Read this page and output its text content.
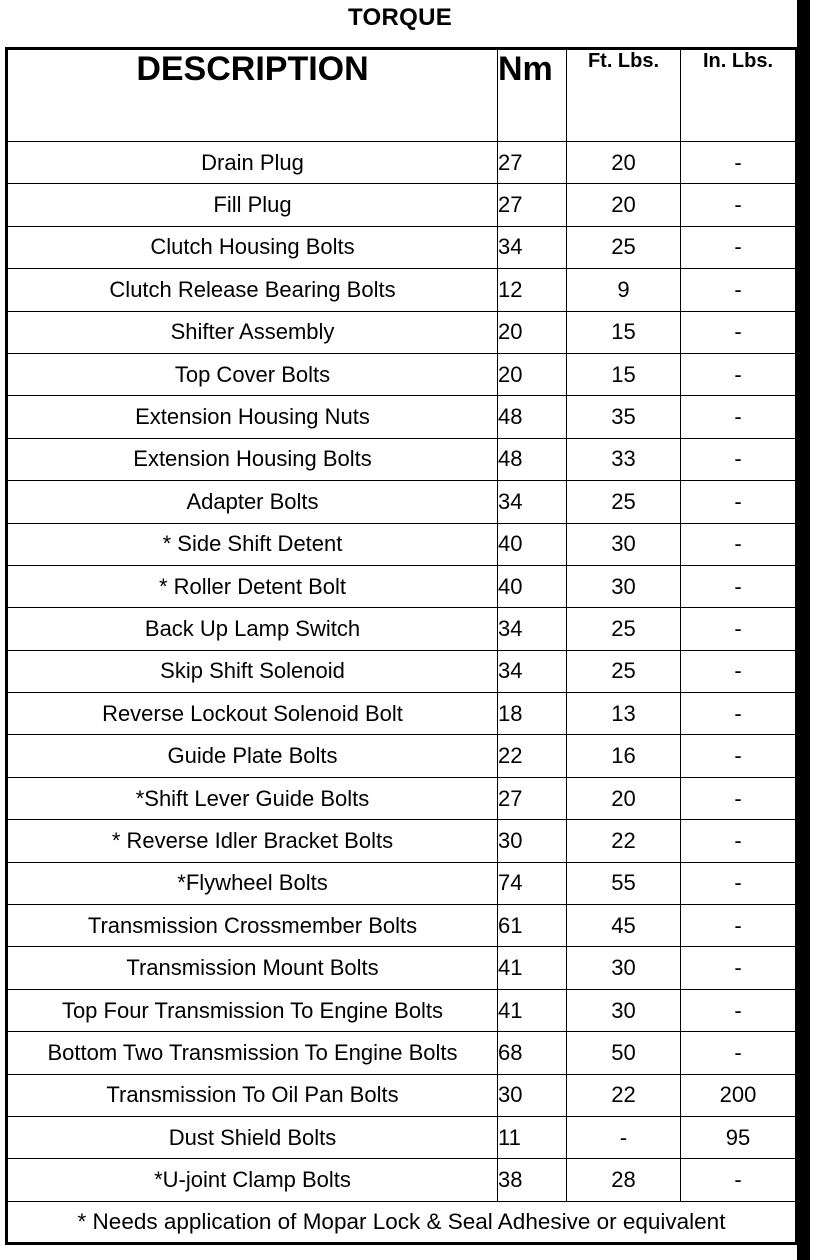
TORQUE
DESCRIPTION	Nm	Ft. Lbs.	In. Lbs.
Drain Plug	27	20	-
Fill Plug	27	20	-
Clutch Housing Bolts	34	25	-
Clutch Release Bearing Bolts	12	9	-
Shifter Assembly	20	15	-
Top Cover Bolts	20	15	-
Extension Housing Nuts	48	35	-
Extension Housing Bolts	48	33	-
Adapter Bolts	34	25	-
* Side Shift Detent	40	30	-
* Roller Detent Bolt	40	30	-
Back Up Lamp Switch	34	25	-
Skip Shift Solenoid	34	25	-
Reverse Lockout Solenoid Bolt	18	13	-
Guide Plate Bolts	22	16	-
*Shift Lever Guide Bolts	27	20	-
* Reverse Idler Bracket Bolts	30	22	-
*Flywheel Bolts	74	55	-
Transmission Crossmember Bolts	61	45	-
Transmission Mount Bolts	41	30	-
Top Four Transmission To Engine Bolts	41	30	-
Bottom Two Transmission To Engine Bolts	68	50	-
Transmission To Oil Pan Bolts	30	22	200
Dust Shield Bolts	11	-	95
*U-joint Clamp Bolts	38	28	-
* Needs application of Mopar Lock & Seal Adhesive or equivalent			
